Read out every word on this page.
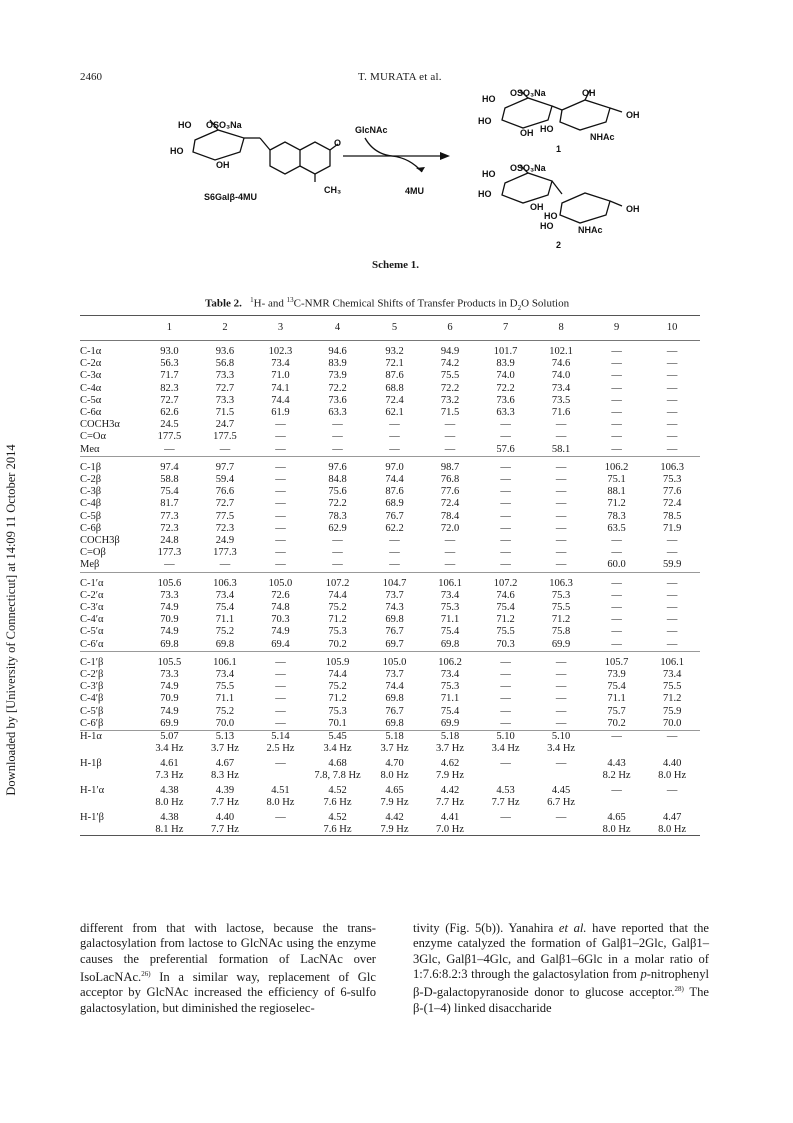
2460	T. MURATA et al.
Downloaded by [University of Connecticut] at 14:09 11 October 2014
HO OSO₃Na
HO
OH
CH₃
O
S6Galβ-4MU
GlcNAc
4MU
HO
OSO₃Na
HO
OH HO
OH
OH
NHAc
1
HO
OSO₃Na
HO
OH
HO
HO
OH
NHAc
2
Scheme 1.
Table 2. $^1$H- and $^{13}$C-NMR Chemical Shifts of Transfer Products in $D_2O$ Solution
	1	2	3	4	5	6	7	8	9	10
C-1α	93.0	93.6	102.3	94.6	93.2	94.9	101.7	102.1	—	—
C-2α	56.3	56.8	73.4	83.9	72.1	74.2	83.9	74.6	—	—
C-3α	71.7	73.3	71.0	73.9	87.6	75.5	74.0	74.0	—	—
C-4α	82.3	72.7	74.1	72.2	68.8	72.2	72.2	73.4	—	—
C-5α	72.7	73.3	74.4	73.6	72.4	73.2	73.6	73.5	—	—
C-6α	62.6	71.5	61.9	63.3	62.1	71.5	63.3	71.6	—	—
COCH3α	24.5	24.7	—	—	—	—	—	—	—	—
C=Oα	177.5	177.5	—	—	—	—	—	—	—	—
Meα	—	—	—	—	—	—	57.6	58.1	—	—
C-1β	97.4	97.7	—	97.6	97.0	98.7	—	—	106.2	106.3
C-2β	58.8	59.4	—	84.8	74.4	76.8	—	—	75.1	75.3
C-3β	75.4	76.6	—	75.6	87.6	77.6	—	—	88.1	77.6
C-4β	81.7	72.7	—	72.2	68.9	72.4	—	—	71.2	72.4
C-5β	77.3	77.5	—	78.3	76.7	78.4	—	—	78.3	78.5
C-6β	72.3	72.3	—	62.9	62.2	72.0	—	—	63.5	71.9
COCH3β	24.8	24.9	—	—	—	—	—	—	—	—
C=Oβ	177.3	177.3	—	—	—	—	—	—	—	—
Meβ	—	—	—	—	—	—	—	—	60.0	59.9
C-1′α	105.6	106.3	105.0	107.2	104.7	106.1	107.2	106.3	—	—
C-2′α	73.3	73.4	72.6	74.4	73.7	73.4	74.6	75.3	—	—
C-3′α	74.9	75.4	74.8	75.2	74.3	75.3	75.4	75.5	—	—
C-4′α	70.9	71.1	70.3	71.2	69.8	71.1	71.2	71.2	—	—
C-5′α	74.9	75.2	74.9	75.3	76.7	75.4	75.5	75.8	—	—
C-6′α	69.8	69.8	69.4	70.2	69.7	69.8	70.3	69.9	—	—
C-1′β	105.5	106.1	—	105.9	105.0	106.2	—	—	105.7	106.1
C-2′β	73.3	73.4	—	74.4	73.7	73.4	—	—	73.9	73.4
C-3′β	74.9	75.5	—	75.2	74.4	75.3	—	—	75.4	75.5
C-4′β	70.9	71.1	—	71.2	69.8	71.1	—	—	71.1	71.2
C-5′β	74.9	75.2	—	75.3	76.7	75.4	—	—	75.7	75.9
C-6′β	69.9	70.0	—	70.1	69.8	69.9	—	—	70.2	70.0
H-1α	5.07	5.13	5.14	5.45	5.18	5.18	5.10	5.10	—	—
	3.4 Hz	3.7 Hz	2.5 Hz	3.4 Hz	3.7 Hz	3.7 Hz	3.4 Hz	3.4 Hz		

H-1β	4.61	4.67	—	4.68	4.70	4.62	—	—	4.43	4.40
	7.3 Hz	8.3 Hz		7.8, 7.8 Hz	8.0 Hz	7.9 Hz			8.2 Hz	8.0 Hz

H-1′α	4.38	4.39	4.51	4.52	4.65	4.42	4.53	4.45	—	—
	8.0 Hz	7.7 Hz	8.0 Hz	7.6 Hz	7.9 Hz	7.7 Hz	7.7 Hz	6.7 Hz		

H-1′β	4.38	4.40	—	4.52	4.42	4.41	—	—	4.65	4.47
	8.1 Hz	7.7 Hz		7.6 Hz	7.9 Hz	7.0 Hz			8.0 Hz	8.0 Hz

different from that with lactose, because the trans-galactosylation from lactose to GlcNAc using the enzyme causes the preferential formation of LacNAc over IsoLacNAc.$^{26)}$ In a similar way, replacement of Glc acceptor by GlcNAc increased the efficiency of 6-sulfo galactosylation, but diminished the regioselec-

tivity (Fig. 5(b)). Yanahira et al. have reported that the enzyme catalyzed the formation of Galβ1–2Glc, Galβ1–3Glc, Galβ1–4Glc, and Galβ1–6Glc in a molar ratio of 1:7.6:8.2:3 through the galactosylation from p-nitrophenyl β-D-galactopyranoside donor to glucose acceptor.$^{28)}$ The β-(1–4) linked disaccharide
